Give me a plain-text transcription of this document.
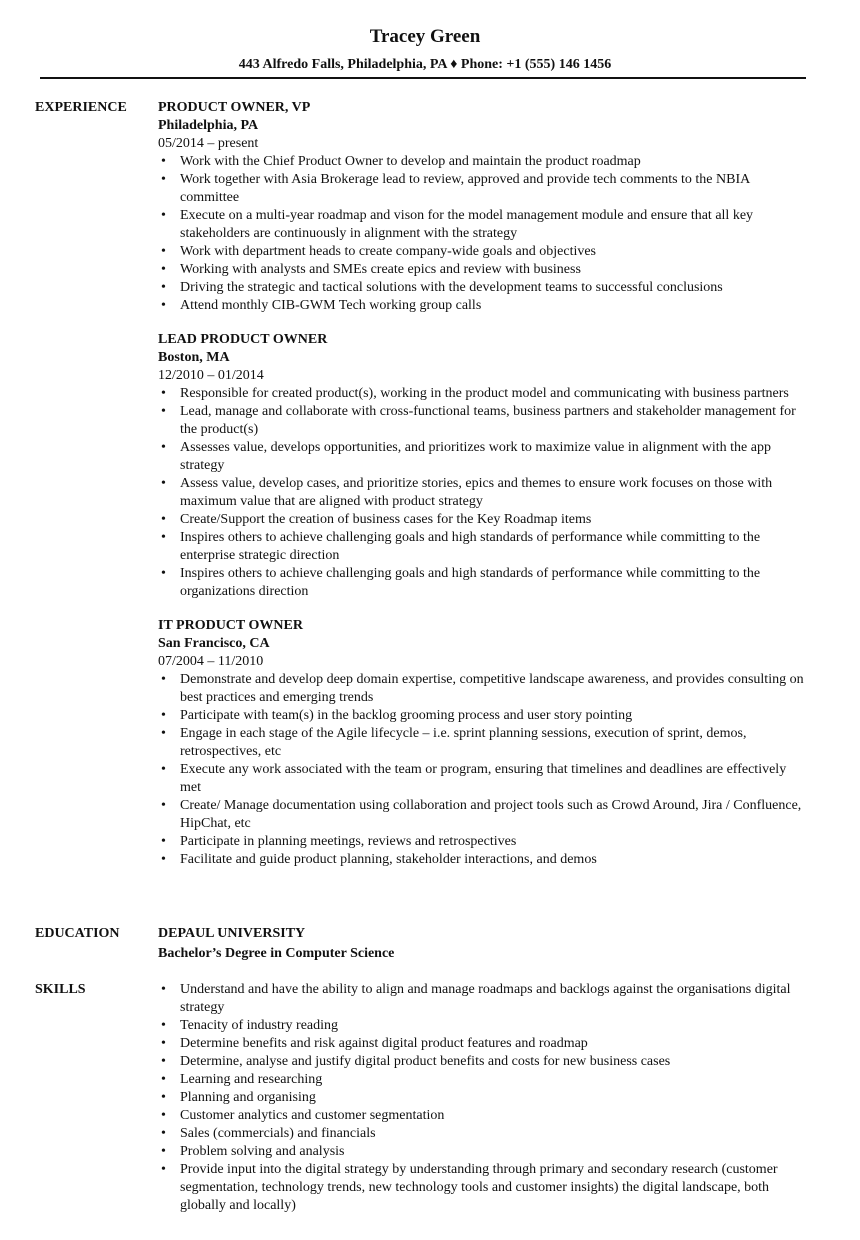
Tracey Green
443 Alfredo Falls, Philadelphia, PA ♦ Phone: +1 (555) 146 1456
EXPERIENCE PRODUCT OWNER, VP
Philadelphia, PA
05/2014 – present
• Work with the Chief Product Owner to develop and maintain the product roadmap
• Work together with Asia Brokerage lead to review, approved and provide tech comments to the NBIA committee
• Execute on a multi-year roadmap and vison for the model management module and ensure that all key stakeholders are continuously in alignment with the strategy
• Work with department heads to create company-wide goals and objectives
• Working with analysts and SMEs create epics and review with business
• Driving the strategic and tactical solutions with the development teams to successful conclusions
• Attend monthly CIB-GWM Tech working group calls
LEAD PRODUCT OWNER
Boston, MA
12/2010 – 01/2014
• Responsible for created product(s), working in the product model and communicating with business partners
• Lead, manage and collaborate with cross-functional teams, business partners and stakeholder management for the product(s)
• Assesses value, develops opportunities, and prioritizes work to maximize value in alignment with the app strategy
• Assess value, develop cases, and prioritize stories, epics and themes to ensure work focuses on those with maximum value that are aligned with product strategy
• Create/Support the creation of business cases for the Key Roadmap items
• Inspires others to achieve challenging goals and high standards of performance while committing to the enterprise strategic direction
• Inspires others to achieve challenging goals and high standards of performance while committing to the organizations direction
IT PRODUCT OWNER
San Francisco, CA
07/2004 – 11/2010
• Demonstrate and develop deep domain expertise, competitive landscape awareness, and provides consulting on best practices and emerging trends
• Participate with team(s) in the backlog grooming process and user story pointing
• Engage in each stage of the Agile lifecycle – i.e. sprint planning sessions, execution of sprint, demos, retrospectives, etc
• Execute any work associated with the team or program, ensuring that timelines and deadlines are effectively met
• Create/ Manage documentation using collaboration and project tools such as Crowd Around, Jira / Confluence, HipChat, etc
• Participate in planning meetings, reviews and retrospectives
• Facilitate and guide product planning, stakeholder interactions, and demos
EDUCATION	DEPAUL UNIVERSITY
Bachelor’s Degree in Computer Science
SKILLS	• Understand and have the ability to align and manage roadmaps and backlogs against the organisations digital strategy
• Tenacity of industry reading
• Determine benefits and risk against digital product features and roadmap
• Determine, analyse and justify digital product benefits and costs for new business cases
• Learning and researching
• Planning and organising
• Customer analytics and customer segmentation
• Sales (commercials) and financials
• Problem solving and analysis
• Provide input into the digital strategy by understanding through primary and secondary research (customer segmentation, technology trends, new technology tools and customer insights) the digital landscape, both globally and locally)
